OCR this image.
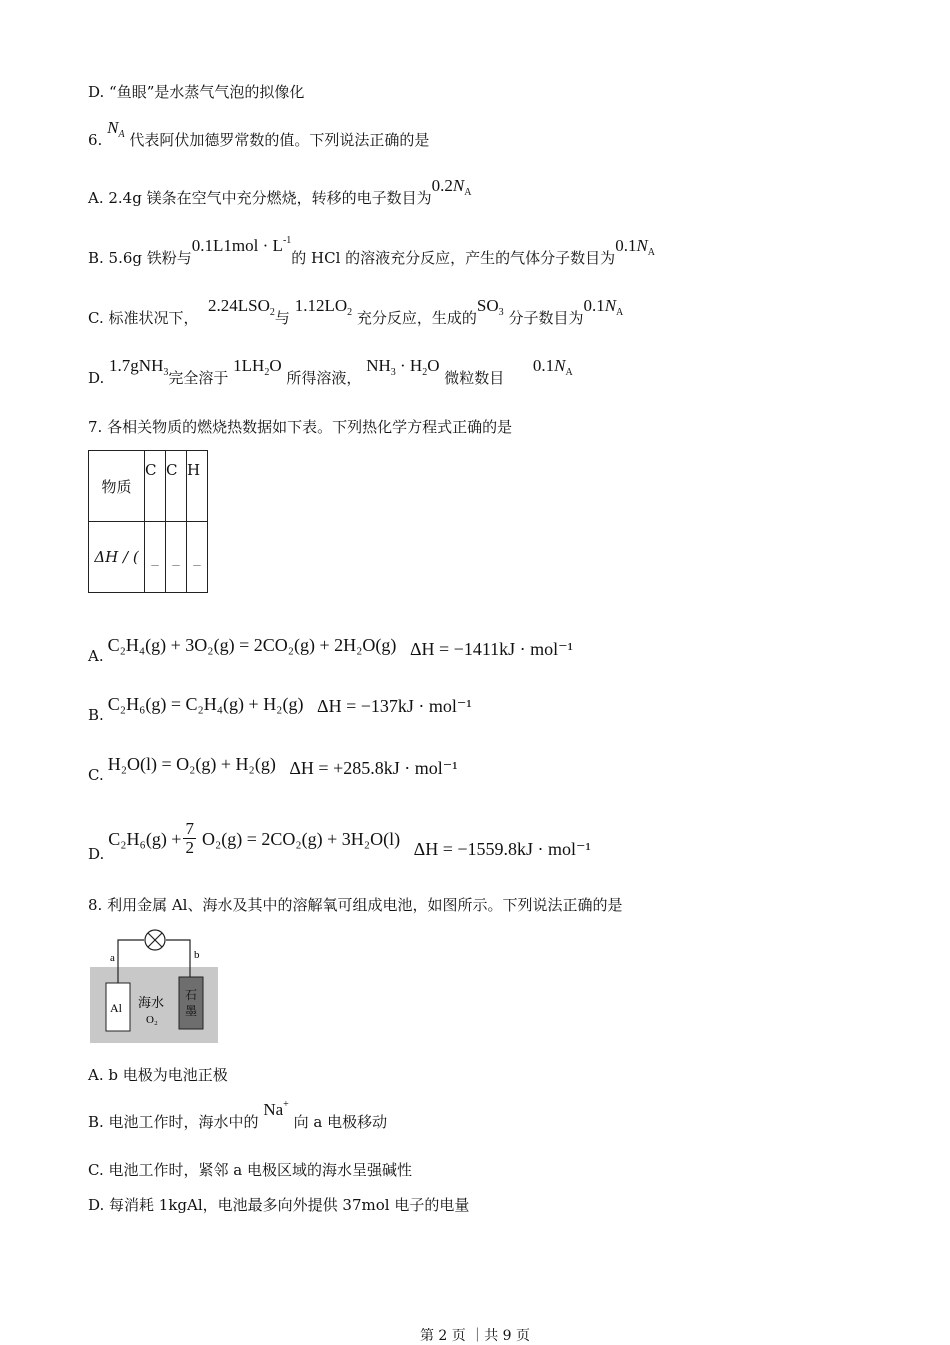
D. “鱼眼”是水蒸气气泡的拟像化
6. $N_A$ 代表阿伏加德罗常数的值。下列说法正确的是
A. 2.4g 镁条在空气中充分燃烧，转移的电子数目为$0.2N_A$
B. 5.6g 铁粉与$0.1L1mol \cdot L^{-1}$的 HCl 的溶液充分反应，产生的气体分子数目为$0.1N_A$
C. 标准状况下，  $2.24LSO_2$与 $1.12LO_2$ 充分反应，生成的$SO_3$ 分子数目为$0.1N_A$
D. 1.7gNH$_3$完全溶于 $1LH_2O$ 所得溶液， $NH_3 \cdot H_2O$ 微粒数目      $0.1N_A$
7. 各相关物质的燃烧热数据如下表。下列热化学方程式正确的是
物质	C	C	H
ΔH / (	_	_	_
A.C₂H₄(g) + 3O₂(g) = 2CO₂(g) + 2H₂O(g) ΔH = −1411kJ · mol⁻¹
B.C₂H₆(g) = C₂H₄(g) + H₂(g) ΔH = −137kJ · mol⁻¹
C.H₂O(l) = O₂(g) + H₂(g) ΔH = +285.8kJ · mol⁻¹
$D.C_2H_6(g) + \frac{7}{2} O_2(g) = 2CO_2(g) + 3H_2O(l) \Delta H = -1559.8kJ \cdot mol^{-1}$
8. 利用金属 Al、海水及其中的溶解氧可组成电池，如图所示。下列说法正确的是
a	b
Al 海水
O₂
石
墨
A. b 电极为电池正极
B. 电池工作时，海水中的 Na+ 向 a 电极移动
C. 电池工作时，紧邻 a 电极区域的海水呈强碱性
D. 每消耗 1kgAl，电池最多向外提供 37mol 电子的电量
第 2 页 ｜共 9 页
